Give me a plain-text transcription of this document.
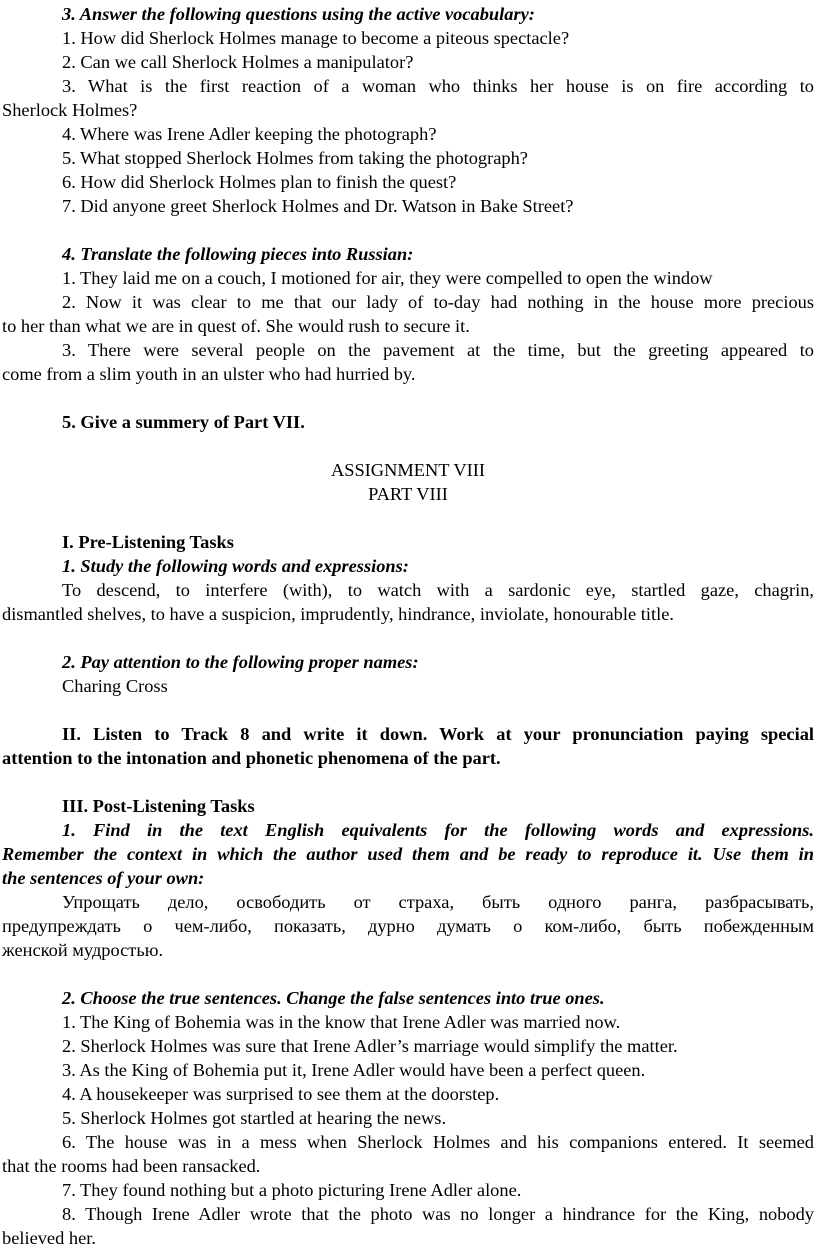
3. Answer the following questions using the active vocabulary:
1. How did Sherlock Holmes manage to become a piteous spectacle?
2. Can we call Sherlock Holmes a manipulator?
3. What is the first reaction of a woman who thinks her house is on fire according to
Sherlock Holmes?
4. Where was Irene Adler keeping the photograph?
5. What stopped Sherlock Holmes from taking the photograph?
6. How did Sherlock Holmes plan to finish the quest?
7. Did anyone greet Sherlock Holmes and Dr. Watson in Bake Street?
4. Translate the following pieces into Russian:
1. They laid me on a couch, I motioned for air, they were compelled to open the window
2. Now it was clear to me that our lady of to-day had nothing in the house more precious
to her than what we are in quest of. She would rush to secure it.
3. There were several people on the pavement at the time, but the greeting appeared to
come from a slim youth in an ulster who had hurried by.
5. Give a summery of Part VII.
ASSIGNMENT VIII
PART VIII
I. Pre-Listening Tasks
1. Study the following words and expressions:
To descend, to interfere (with), to watch with a sardonic eye, startled gaze, chagrin,
dismantled shelves, to have a suspicion, imprudently, hindrance, inviolate, honourable title.
2. Pay attention to the following proper names:
Charing Cross
II. Listen to Track 8 and write it down. Work at your pronunciation paying special
attention to the intonation and phonetic phenomena of the part.
III. Post-Listening Tasks
1. Find in the text English equivalents for the following words and expressions.
Remember the context in which the author used them and be ready to reproduce it. Use them in
the sentences of your own:
Упрощать дело, освободить от страха, быть одного ранга, разбрасывать,
предупреждать о чем-либо, показать, дурно думать о ком-либо, быть побежденным
женской мудростью.
2. Choose the true sentences. Change the false sentences into true ones.
1. The King of Bohemia was in the know that Irene Adler was married now.
2. Sherlock Holmes was sure that Irene Adler’s marriage would simplify the matter.
3. As the King of Bohemia put it, Irene Adler would have been a perfect queen.
4. A housekeeper was surprised to see them at the doorstep.
5. Sherlock Holmes got startled at hearing the news.
6. The house was in a mess when Sherlock Holmes and his companions entered. It seemed
that the rooms had been ransacked.
7. They found nothing but a photo picturing Irene Adler alone.
8. Though Irene Adler wrote that the photo was no longer a hindrance for the King, nobody
believed her.
